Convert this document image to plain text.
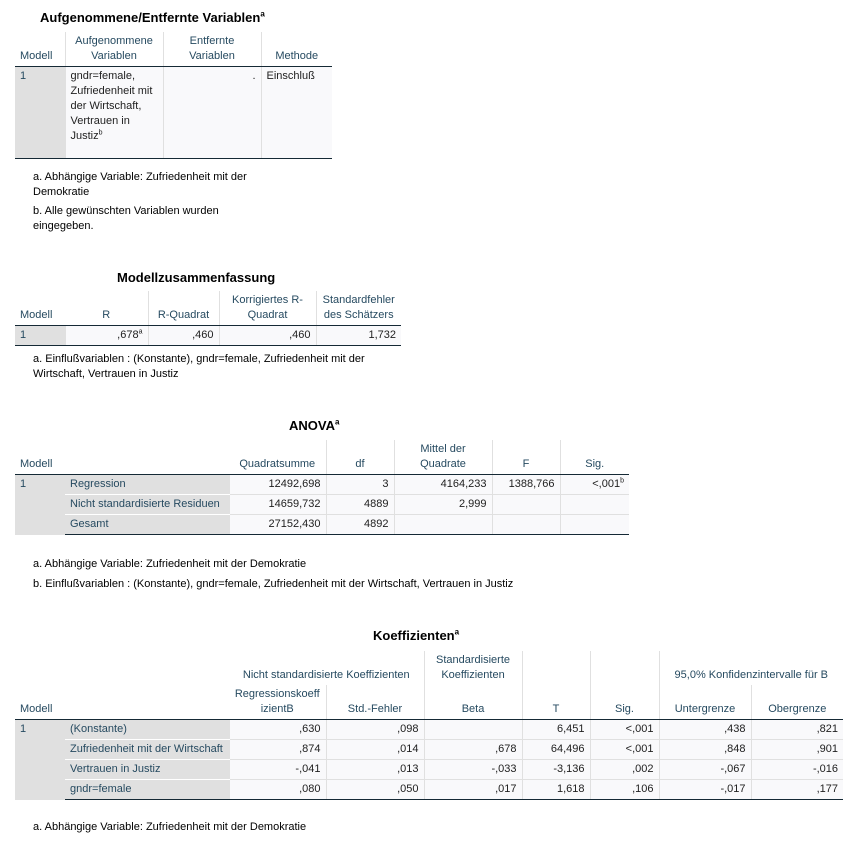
Aufgenommene/Entfernte Variablen$^a$
Modell	Aufgenommene Variablen	Entfernte Variablen	Methode
1	gndr=female, Zufriedenheit mit der Wirtschaft, Vertrauen in Justiz$^b$	.	Einschluß
a. Abhängige Variable: Zufriedenheit mit der Demokratie
b. Alle gewünschten Variablen wurden eingegeben.
Modellzusammenfassung
Modell	R	R-Quadrat	Korrigiertes R-Quadrat	Standardfehler des Schätzers
1	,678$^a$	,460	,460	1,732
a. Einflußvariablen : (Konstante), gndr=female, Zufriedenheit mit der Wirtschaft, Vertrauen in Justiz
ANOVA$^a$
Modell		Quadratsumme	df	Mittel der Quadrate	F	Sig.
1	Regression	12492,698	3	4164,233	1388,766	<,001$^b$
	Nicht standardisierte Residuen	14659,732	4889	2,999		
	Gesamt	27152,430	4892			
a. Abhängige Variable: Zufriedenheit mit der Demokratie
b. Einflußvariablen : (Konstante), gndr=female, Zufriedenheit mit der Wirtschaft, Vertrauen in Justiz
Koeffizienten$^a$
		Nicht standardisierte Koeffizienten		Standardisierte Koeffizienten			95,0% Konfidenzintervalle für B	
Modell		RegressionskoeffizientB	Std.-Fehler	Beta	T	Sig.	Untergrenze	Obergrenze
1	(Konstante)	,630	,098		6,451	<,001	,438	,821
	Zufriedenheit mit der Wirtschaft	,874	,014	,678	64,496	<,001	,848	,901
	Vertrauen in Justiz	-,041	,013	-,033	-3,136	,002	-,067	-,016
	gndr=female	,080	,050	,017	1,618	,106	-,017	,177
a. Abhängige Variable: Zufriedenheit mit der Demokratie
